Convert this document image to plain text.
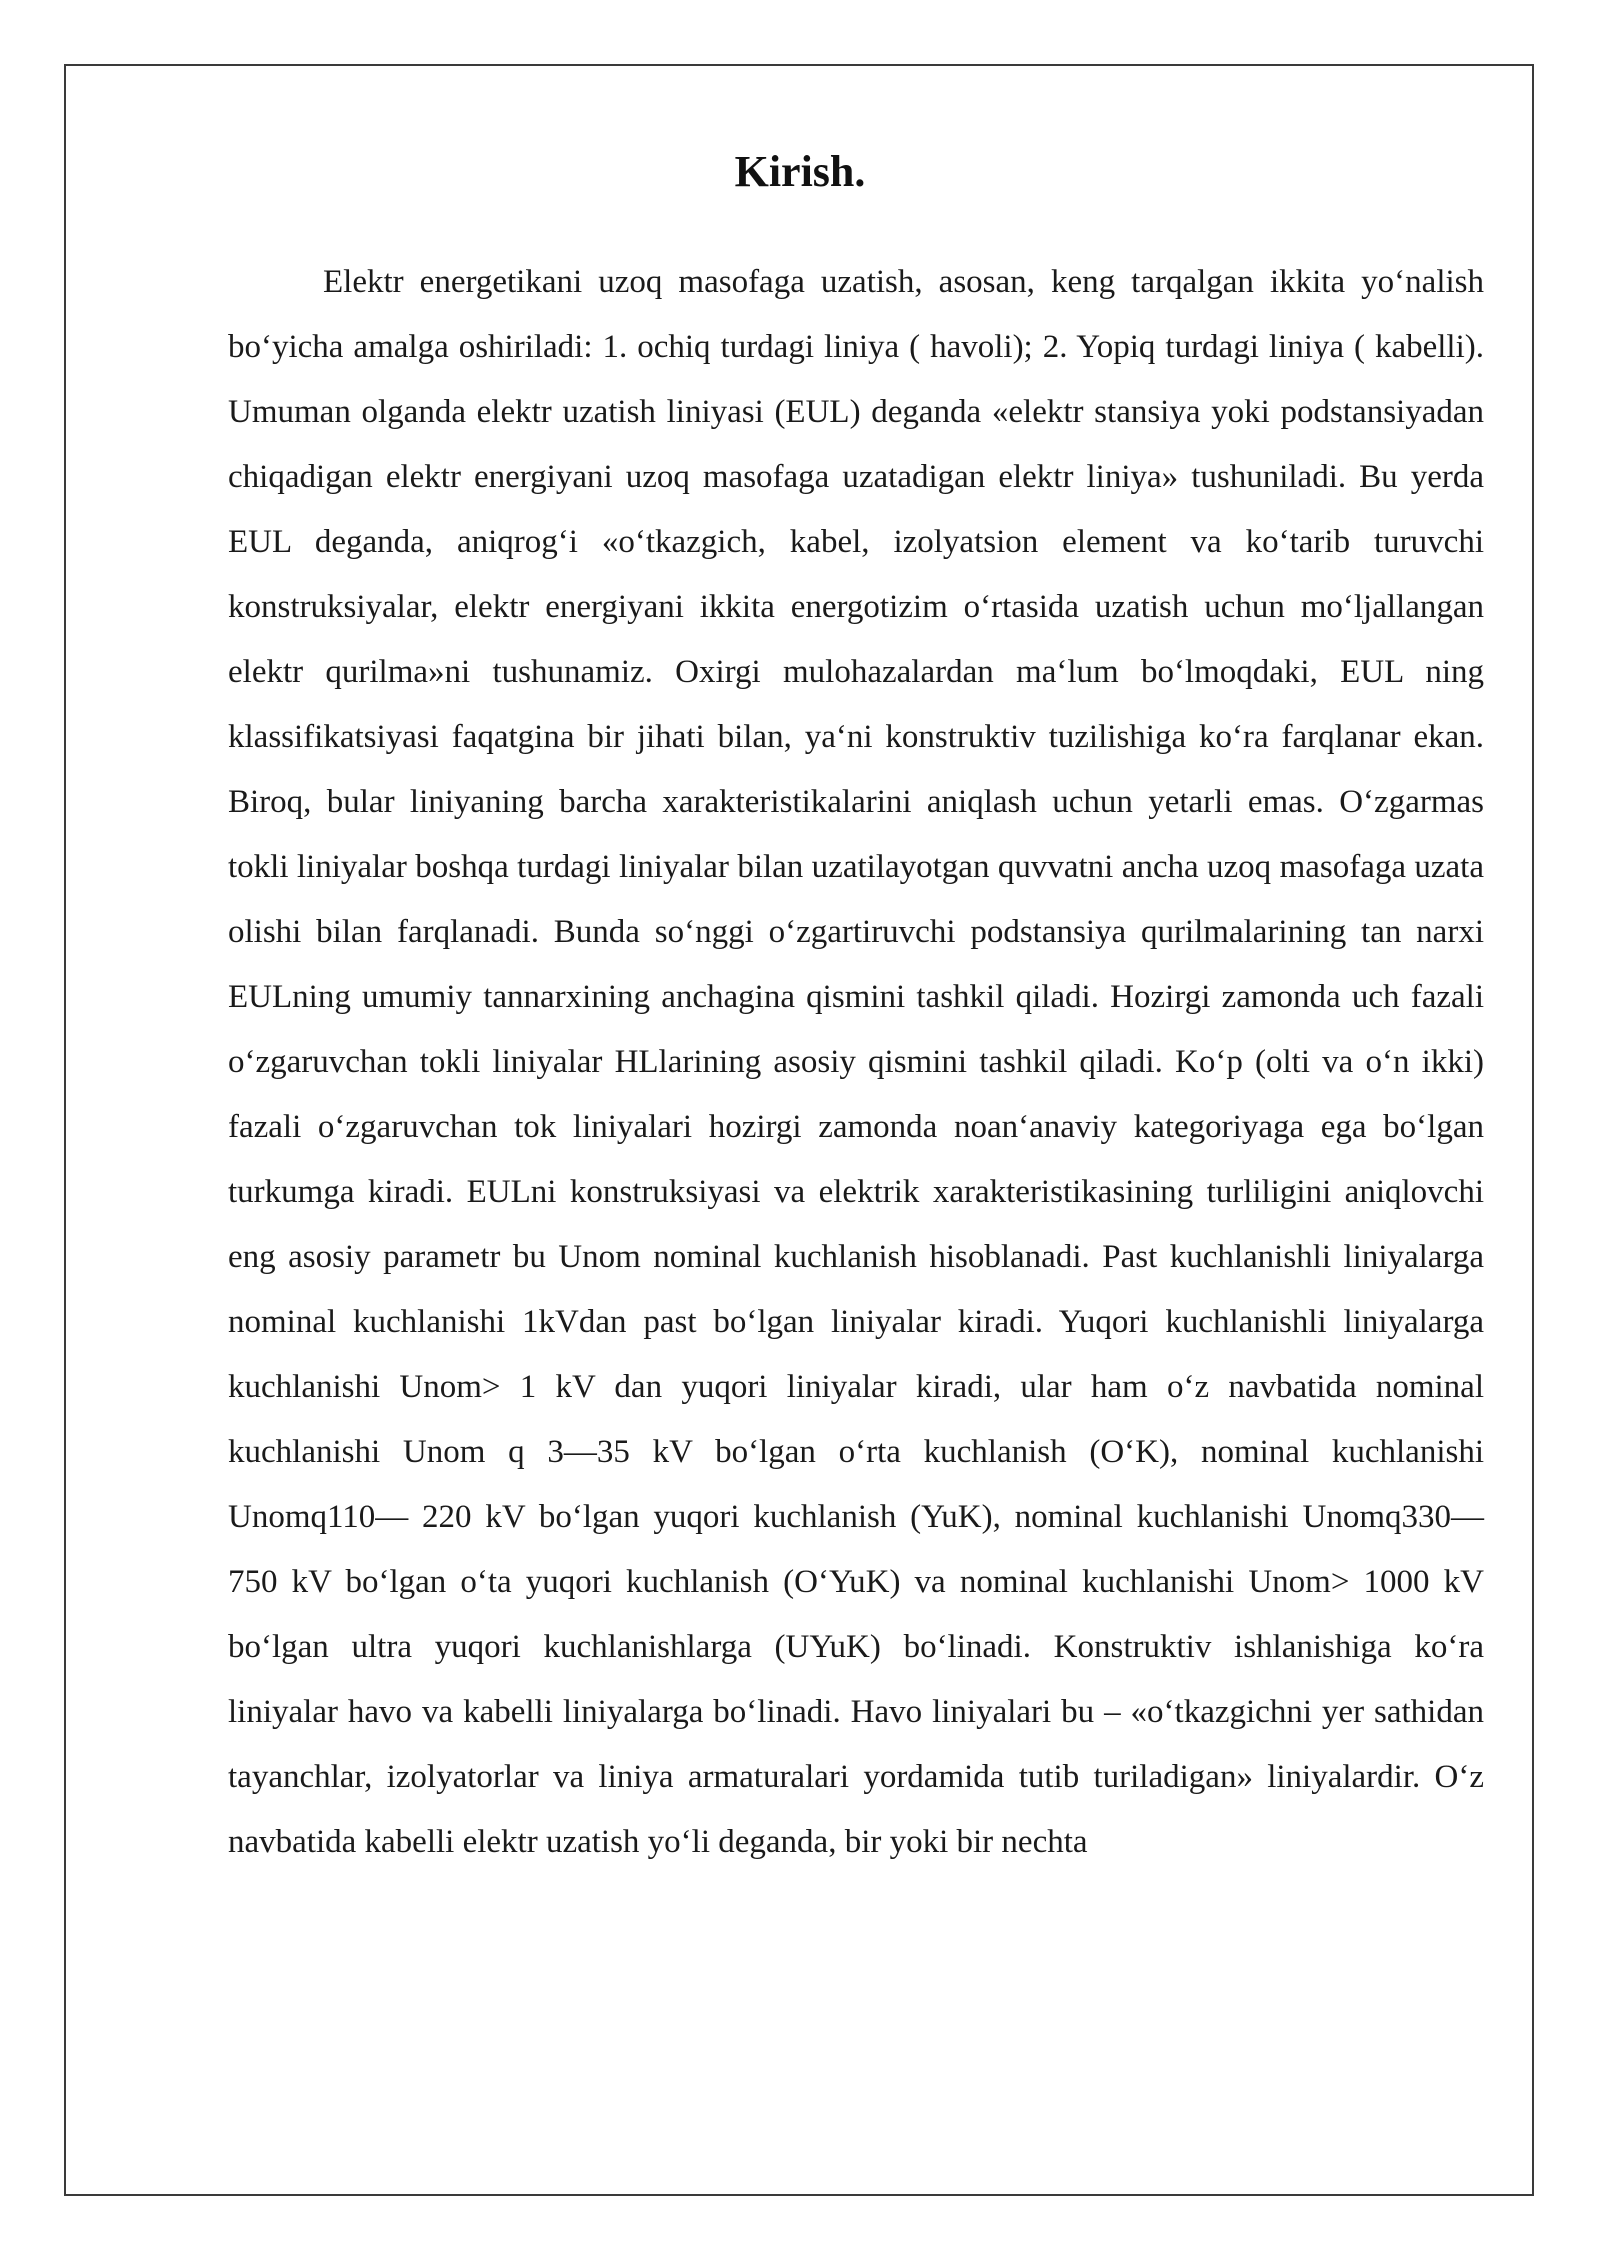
Kirish.

Elektr energetikani uzoq masofaga uzatish, asosan, keng tarqalgan ikkita yo‘nalish bo‘yicha amalga oshiriladi: 1. ochiq turdagi liniya ( havoli); 2. Yopiq turdagi liniya ( kabelli). Umuman olganda elektr uzatish liniyasi (EUL) deganda «elektr stansiya yoki podstansiyadan chiqadigan elektr energiyani uzoq masofaga uzatadigan elektr liniya» tushuniladi. Bu yerda EUL deganda, aniqrog‘i «o‘tkazgich, kabel, izolyatsion element va ko‘tarib turuvchi konstruksiyalar, elektr energiyani ikkita energotizim o‘rtasida uzatish uchun mo‘ljallangan elektr qurilma»ni tushunamiz. Oxirgi mulohazalardan ma‘lum bo‘lmoqdaki, EUL ning klassifikatsiyasi faqatgina bir jihati bilan, ya‘ni konstruktiv tuzilishiga ko‘ra farqlanar ekan. Biroq, bular liniyaning barcha xarakteristikalarini aniqlash uchun yetarli emas. O‘zgarmas tokli liniyalar boshqa turdagi liniyalar bilan uzatilayotgan quvvatni ancha uzoq masofaga uzata olishi bilan farqlanadi. Bunda so‘nggi o‘zgartiruvchi podstansiya qurilmalarining tan narxi EULning umumiy tannarxining anchagina qismini tashkil qiladi. Hozirgi zamonda uch fazali o‘zgaruvchan tokli liniyalar HLlarining asosiy qismini tashkil qiladi. Ko‘p (olti va o‘n ikki) fazali o‘zgaruvchan tok liniyalari hozirgi zamonda noan‘anaviy kategoriyaga ega bo‘lgan turkumga kiradi. EULni konstruksiyasi va elektrik xarakteristikasining turliligini aniqlovchi eng asosiy parametr bu Unom nominal kuchlanish hisoblanadi. Past kuchlanishli liniyalarga nominal kuchlanishi 1kVdan past bo‘lgan liniyalar kiradi. Yuqori kuchlanishli liniyalarga kuchlanishi Unom> 1 kV dan yuqori liniyalar kiradi, ular ham o‘z navbatida nominal kuchlanishi Unom q 3—35 kV bo‘lgan o‘rta kuchlanish (O‘K), nominal kuchlanishi Unomq110— 220 kV bo‘lgan yuqori kuchlanish (YuK), nominal kuchlanishi Unomq330— 750 kV bo‘lgan o‘ta yuqori kuchlanish (O‘YuK) va nominal kuchlanishi Unom> 1000 kV bo‘lgan ultra yuqori kuchlanishlarga (UYuK) bo‘linadi. Konstruktiv ishlanishiga ko‘ra liniyalar havo va kabelli liniyalarga bo‘linadi. Havo liniyalari bu – «o‘tkazgichni yer sathidan tayanchlar, izolyatorlar va liniya armaturalari yordamida tutib turiladigan» liniyalardir. O‘z navbatida kabelli elektr uzatish yo‘li deganda, bir yoki bir nechta
